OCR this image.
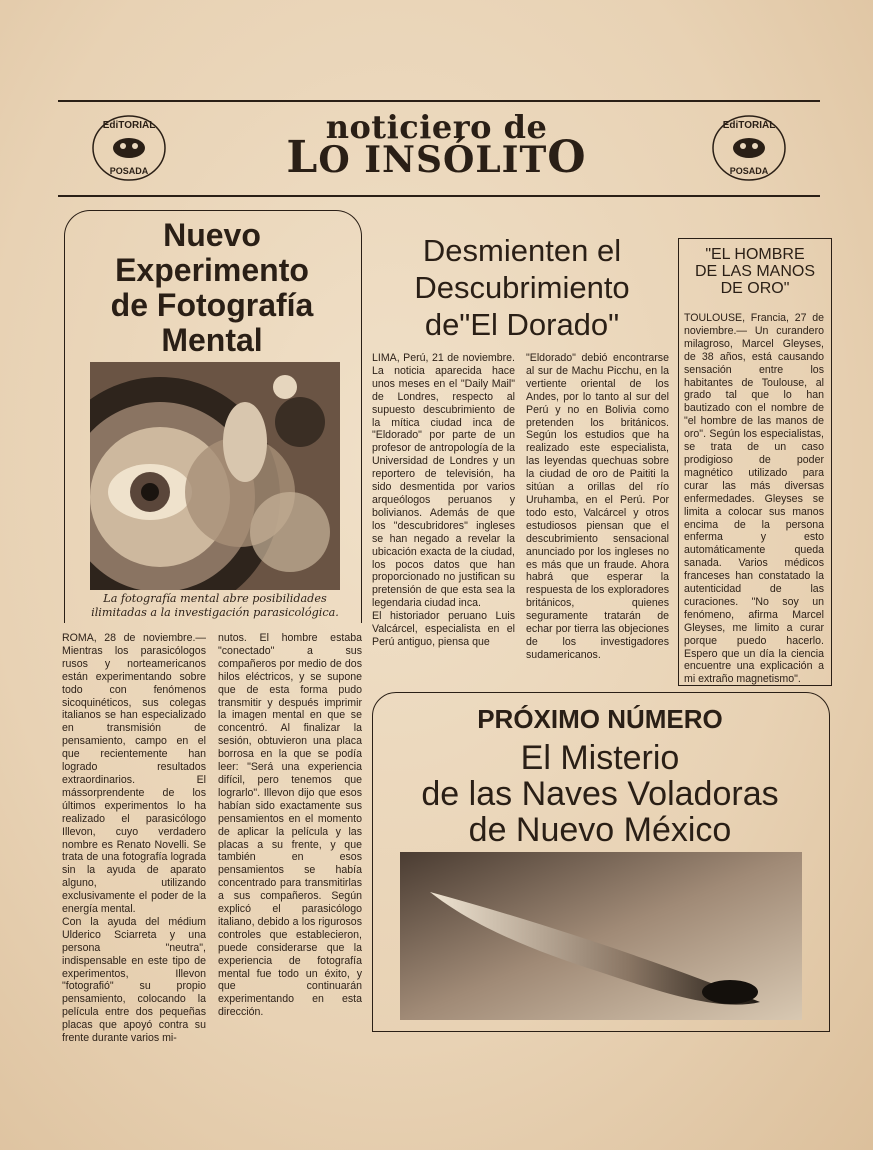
EdiTORIAL
POSADA
EdiTORIAL
POSADA
noticiero de
LO INSÓLITO
Nuevo
Experimento
de Fotografía
Mental
La fotografía mental abre posibilidades
ilimitadas a la investigación parasicológica.

ROMA, 28 de noviembre.— Mientras los parasicólogos rusos y norteamericanos están experimentando sobre todo con fenómenos sicoquinéticos, sus colegas italianos se han especializado en transmisión de pensamiento, campo en el que recientemente han logrado resultados extraordinarios. El mássorprendente de los últimos experimentos lo ha realizado el parasicólogo Illevon, cuyo verdadero nombre es Renato Novelli. Se trata de una fotografía lograda sin la ayuda de aparato alguno, utilizando exclusivamente el poder de la energía mental.

Con la ayuda del médium Ulderico Sciarreta y una persona "neutra", indispensable en este tipo de experimentos, Illevon "fotografió" su propio pensamiento, colocando la película entre dos pequeñas placas que apoyó contra su frente durante varios mi-

nutos. El hombre estaba "conectado" a sus compañeros por medio de dos hilos eléctricos, y se supone que de esta forma pudo transmitir y después imprimir la imagen mental en que se concentró. Al finalizar la sesión, obtuvieron una placa borrosa en la que se podía leer: "Será una experiencia difícil, pero tenemos que lograrlo". Illevon dijo que esos habían sido exactamente sus pensamientos en el momento de aplicar la película y las placas a su frente, y que también en esos pensamientos se había concentrado para transmitirlas a sus compañeros. Según explicó el parasicólogo italiano, debido a los rigurosos controles que establecieron, puede considerarse que la experiencia de fotografía mental fue todo un éxito, y que continuarán experimentando en esta dirección.

Desmienten el
Descubrimiento
de"El Dorado"

LIMA, Perú, 21 de noviembre. La noticia aparecida hace unos meses en el "Daily Mail" de Londres, respecto al supuesto descubrimiento de la mítica ciudad inca de "Eldorado" por parte de un profesor de antropología de la Universidad de Londres y un reportero de televisión, ha sido desmentida por varios arqueólogos peruanos y bolivianos. Además de que los "descubridores" ingleses se han negado a revelar la ubicación exacta de la ciudad, los pocos datos que han proporcionado no justifican su pretensión de que esta sea la legendaria ciudad inca.

El historiador peruano Luis Valcárcel, especialista en el Perú antiguo, piensa que

"Eldorado" debió encontrarse al sur de Machu Picchu, en la vertiente oriental de los Andes, por lo tanto al sur del Perú y no en Bolivia como pretenden los británicos. Según los estudios que ha realizado este especialista, las leyendas quechuas sobre la ciudad de oro de Paititi la sitúan a orillas del río Uruhamba, en el Perú. Por todo esto, Valcárcel y otros estudiosos piensan que el descubrimiento sensacional anunciado por los ingleses no es más que un fraude. Ahora habrá que esperar la respuesta de los exploradores británicos, quienes seguramente tratarán de echar por tierra las objeciones de los investigadores sudamericanos.

"EL HOMBRE
DE LAS MANOS
DE ORO"

TOULOUSE, Francia, 27 de noviembre.— Un curandero milagroso, Marcel Gleyses, de 38 años, está causando sensación entre los habitantes de Toulouse, al grado tal que lo han bautizado con el nombre de "el hombre de las manos de oro". Según los especialistas, se trata de un caso prodigioso de poder magnético utilizado para curar las más diversas enfermedades. Gleyses se limita a colocar sus manos encima de la persona enferma y esto automáticamente queda sanada. Varios médicos franceses han constatado la autenticidad de las curaciones. "No soy un fenómeno, afirma Marcel Gleyses, me limito a curar porque puedo hacerlo. Espero que un día la ciencia encuentre una explicación a mi extraño magnetismo".

PRÓXIMO NÚMERO
El Misterio
de las Naves Voladoras
de Nuevo México
